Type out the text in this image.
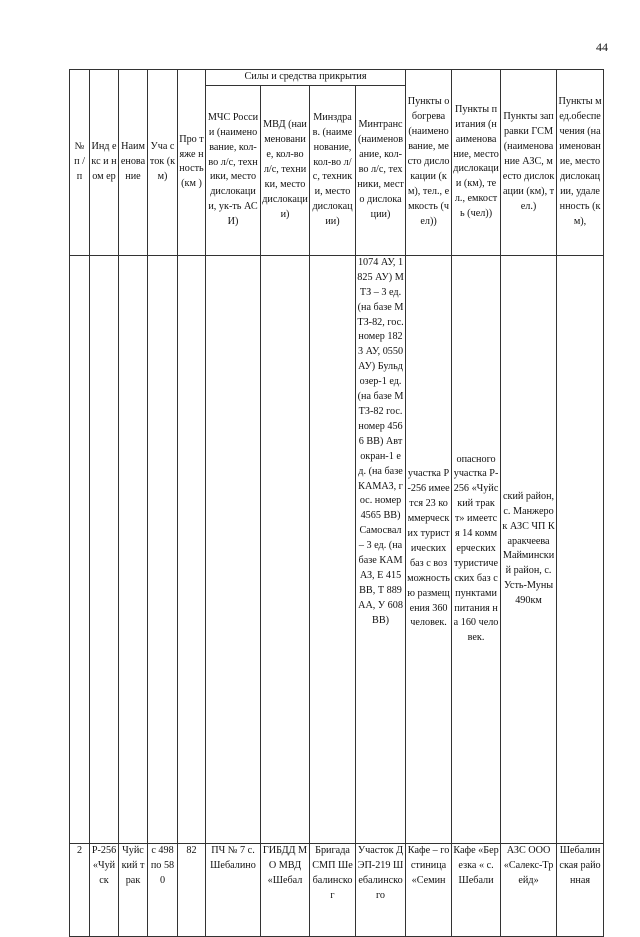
44
№ п / п	Инд екс и ном ер	Наим енова ние	Уча сток (км)	Про тяже нность (км )	Силы и средства прикрытия				Пункты обогрева (наименование, место дислокации (км), тел., емкость (чел))	Пункты питания (наименование, место дислокации (км), тел., емкость (чел))	Пункты заправки ГСМ (наименование АЗС, место дислокации (км), тел.)	Пункты мед.обеспечения (наименование, место дислокации, удаленность (км),
					МЧС России (наименование, кол-во л/с, техники, место дислокации, ук-ть АСИ)	МВД (наименование, кол-во л/с, техники, место дислокации)	Минздрав. (наименование, кол-во л/с, техники, место дислокации)	Минтранс (наименование, кол-во л/с, техники, место дислокации)				
								1074 АУ, 1825 АУ) МТЗ – 3 ед. (на базе МТЗ-82, гос. номер 1823 АУ, 0550 АУ) Бульдозер-1 ед. (на базе МТЗ-82 гос. номер 4566 ВВ) Автокран-1 ед. (на базе КАМАЗ, гос. номер 4565 ВВ) Самосвал – 3 ед. (на базе КАМАЗ, Е 415 ВВ, Т 889 АА, У 608 ВВ)	участка Р-256 имеется 23 коммерческих туристических баз с возможностью размещения 360 человек.	опасного участка Р-256 «Чуйский тракт» имеется 14 коммерческих туристических баз с пунктами питания на 160 человек.	ский район, с. Манжерок АЗС ЧП Каракчеева Майминский район, с. Усть-Муны 490км	
2	Р-256 «Чуйск	Чуйский трак	с 498 по 580	82	ПЧ № 7 с. Шебалино	ГИБДД МО МВД «Шебал	Бригада СМП Шебалинског	Участок ДЭП-219 Шебалинского	Кафе – гостиница «Семин	Кафе «Березка « с. Шебали	АЗС ООО «Салекс-Трейд»	Шебалинская районная
